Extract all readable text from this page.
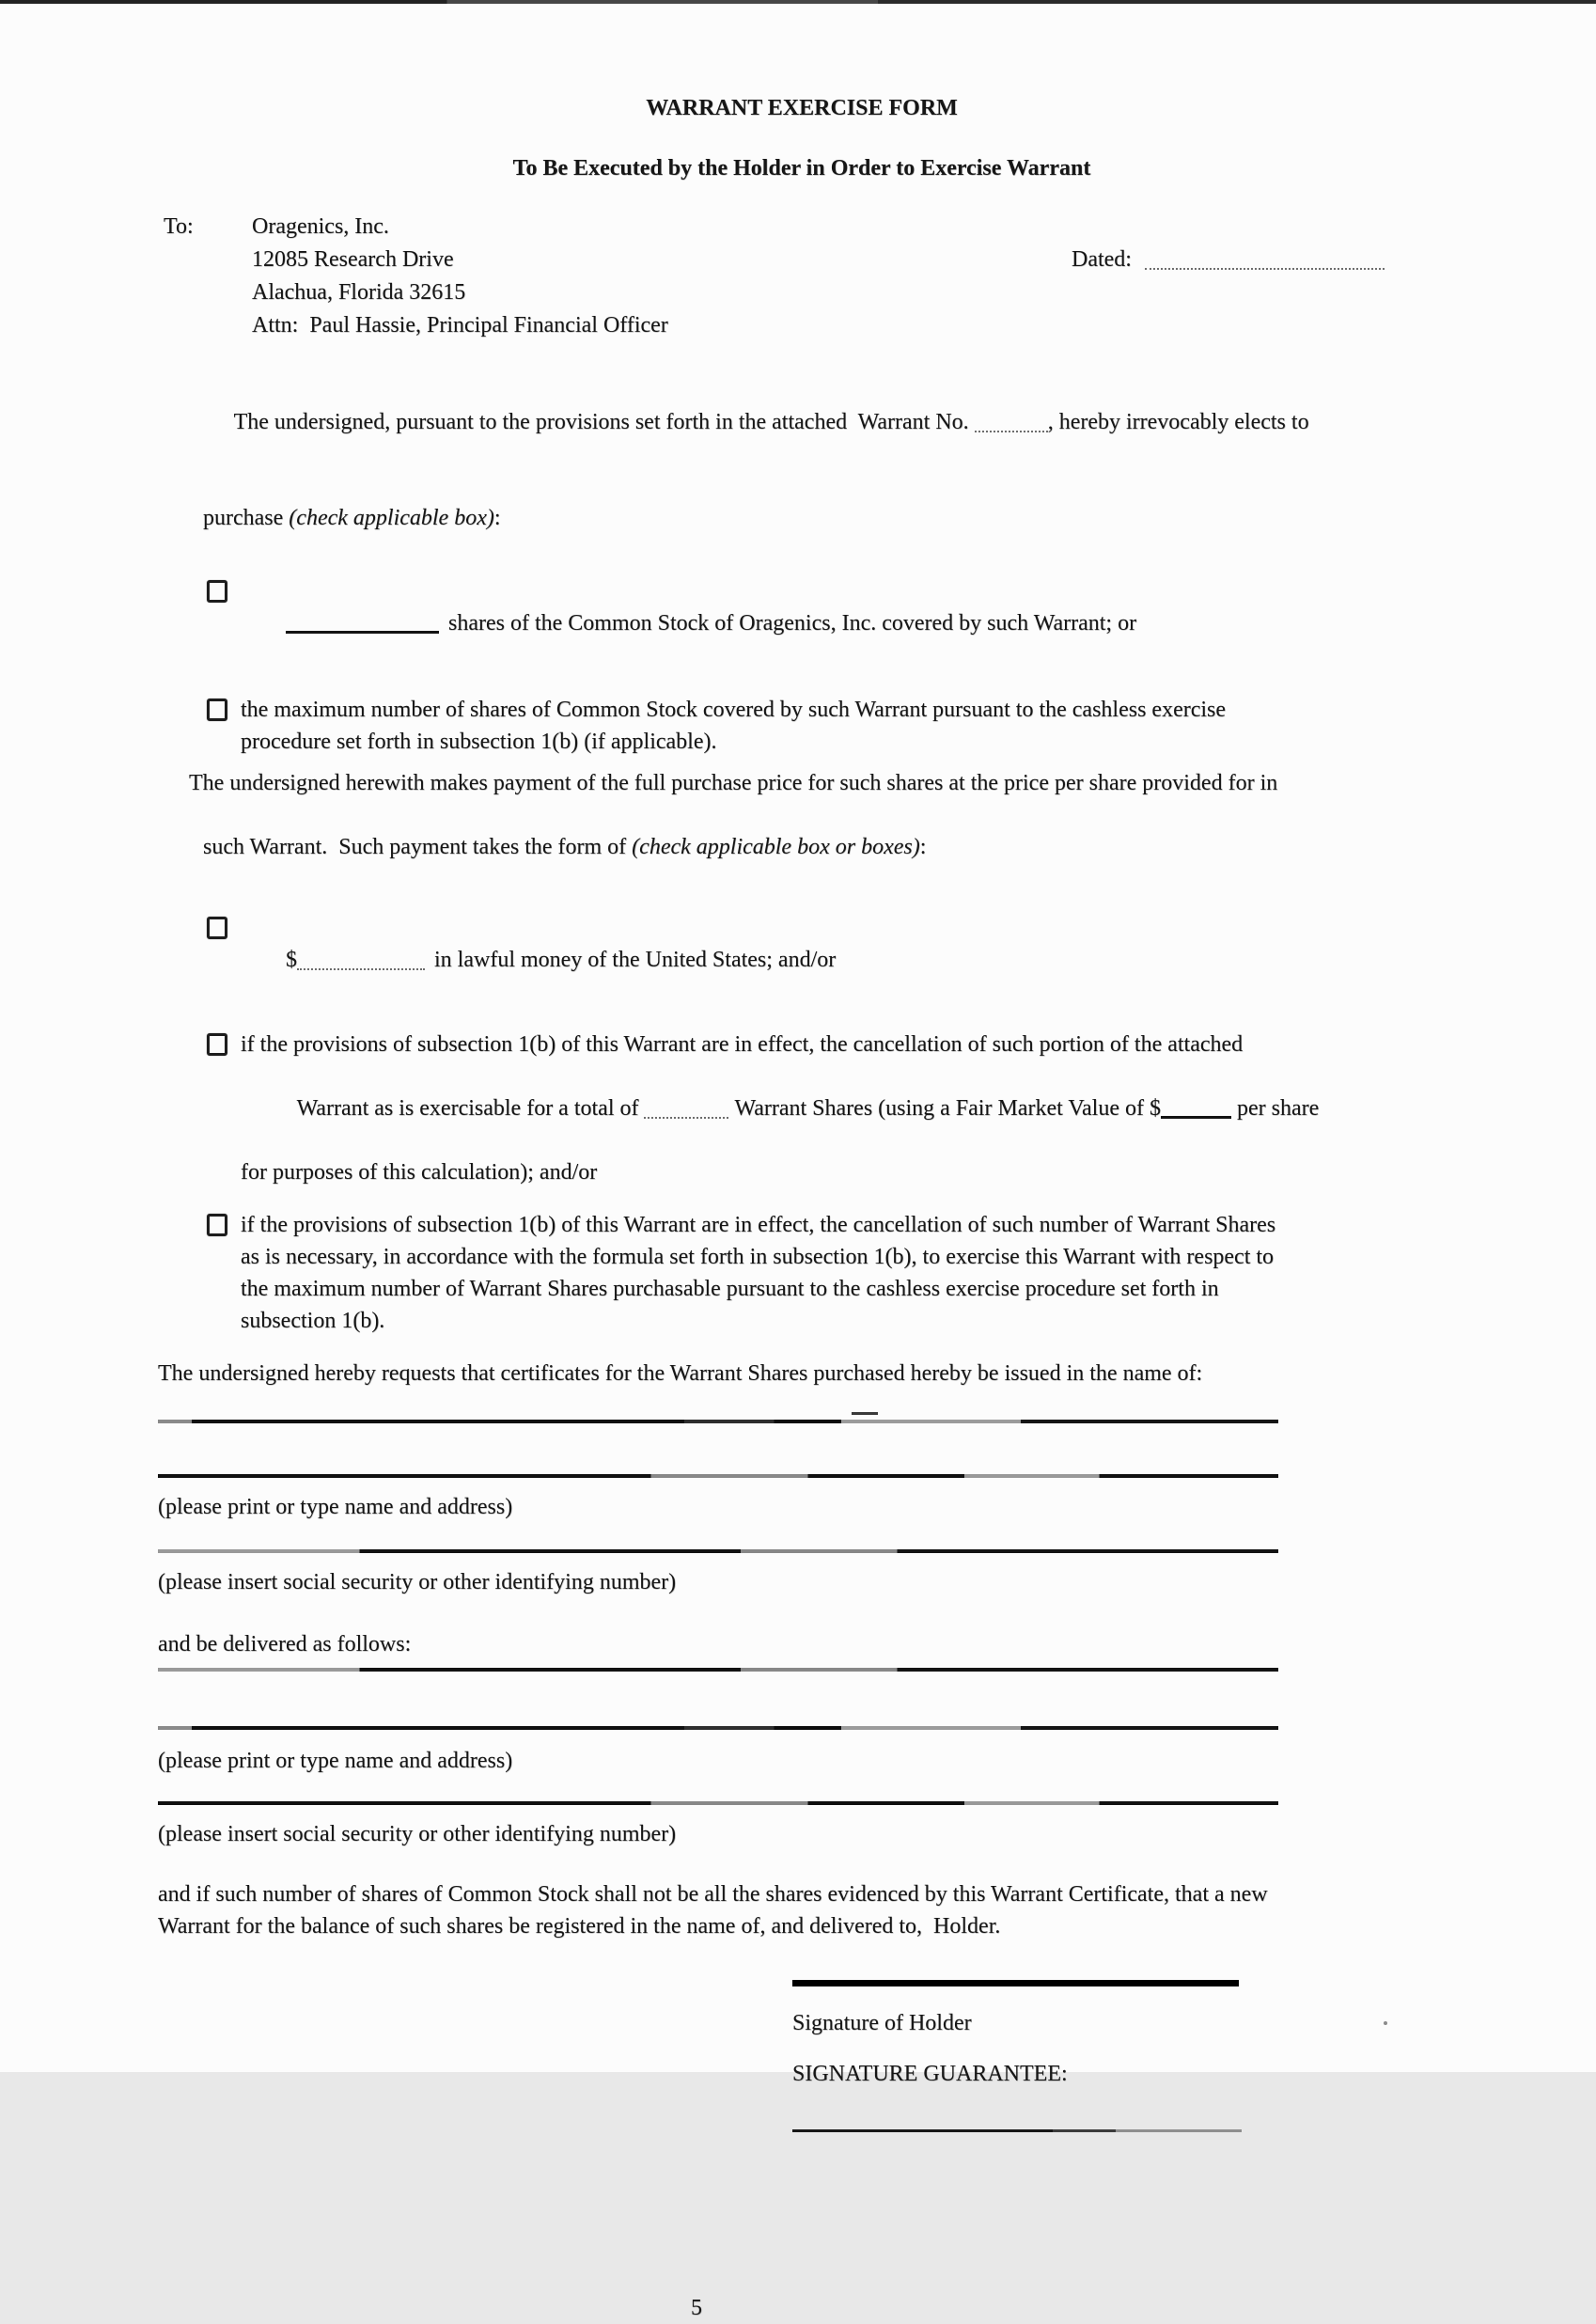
WARRANT EXERCISE FORM
To Be Executed by the Holder in Order to Exercise Warrant
To:	Oragenics, Inc.
12085 Research Drive
Alachua, Florida 32615
Attn:  Paul Hassie, Principal Financial Officer
Dated:

The undersigned, pursuant to the provisions set forth in the attached  Warrant No.	, hereby irrevocably elects to

purchase (check applicable box):

shares of the Common Stock of Oragenics, Inc. covered by such Warrant; or

the maximum number of shares of Common Stock covered by such Warrant pursuant to the cashless exercise
procedure set forth in subsection 1(b) (if applicable).
The undersigned herewith makes payment of the full purchase price for such shares at the price per share provided for in

such Warrant.  Such payment takes the form of (check applicable box or boxes):

$	in lawful money of the United States; and/or

if the provisions of subsection 1(b) of this Warrant are in effect, the cancellation of such portion of the attached

Warrant as is exercisable for a total of	Warrant Shares (using a Fair Market Value of $	per share

for purposes of this calculation); and/or
if the provisions of subsection 1(b) of this Warrant are in effect, the cancellation of such number of Warrant Shares
as is necessary, in accordance with the formula set forth in subsection 1(b), to exercise this Warrant with respect to
the maximum number of Warrant Shares purchasable pursuant to the cashless exercise procedure set forth in
subsection 1(b).
The undersigned hereby requests that certificates for the Warrant Shares purchased hereby be issued in the name of:
(please print or type name and address)
(please insert social security or other identifying number)
and be delivered as follows:
(please print or type name and address)
(please insert social security or other identifying number)
and if such number of shares of Common Stock shall not be all the shares evidenced by this Warrant Certificate, that a new
Warrant for the balance of such shares be registered in the name of, and delivered to,  Holder.
Signature of Holder
SIGNATURE GUARANTEE:
5
